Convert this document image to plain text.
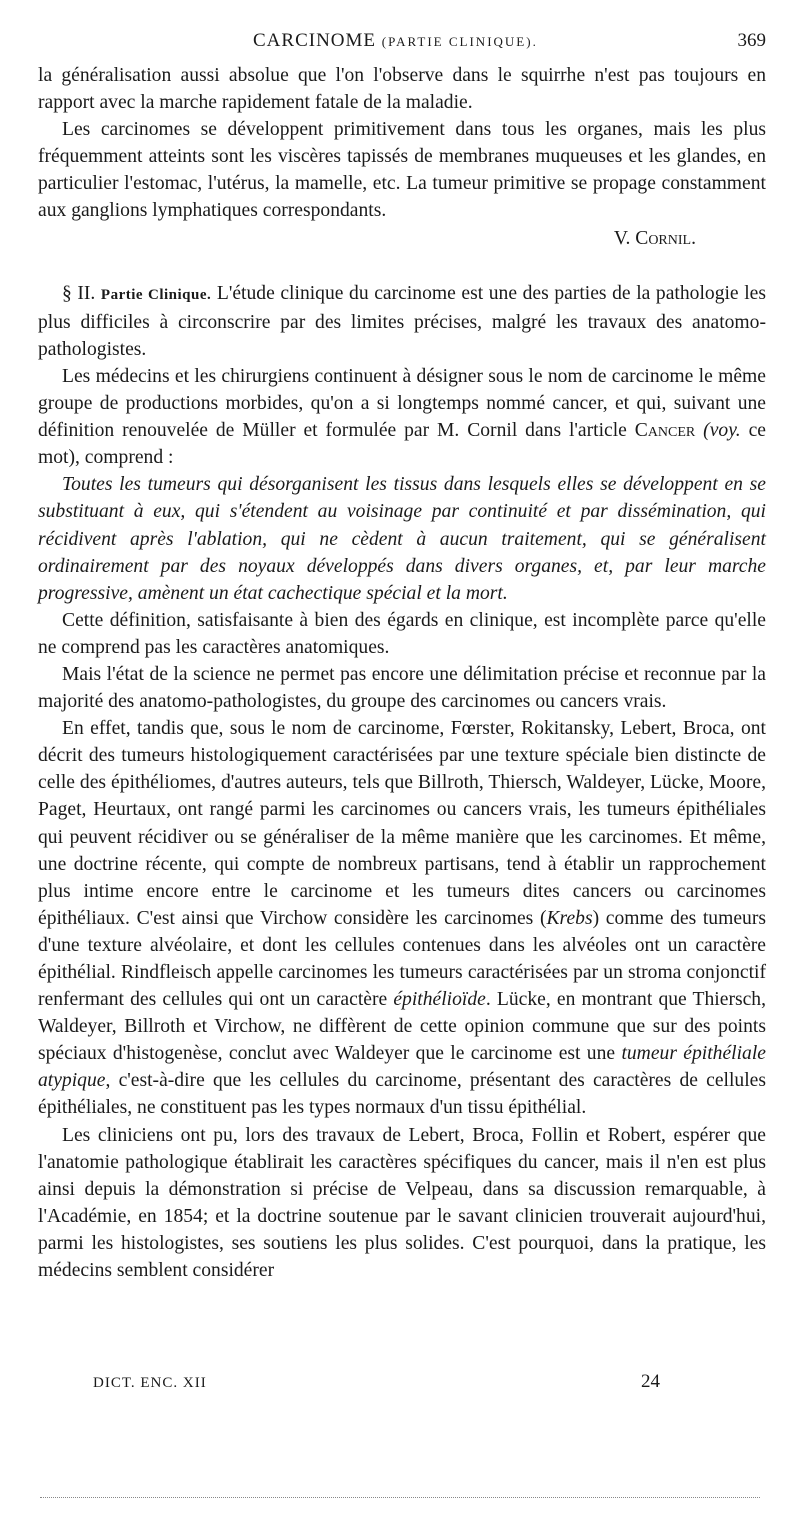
CARCINOME (PARTIE CLINIQUE).	369

la généralisation aussi absolue que l'on l'observe dans le squirrhe n'est pas toujours en rapport avec la marche rapidement fatale de la maladie.

Les carcinomes se développent primitivement dans tous les organes, mais les plus fréquemment atteints sont les viscères tapissés de membranes muqueuses et les glandes, en particulier l'estomac, l'utérus, la mamelle, etc. La tumeur primitive se propage constamment aux ganglions lymphatiques correspondants.

V. Cornil.

§ II. Partie Clinique. L'étude clinique du carcinome est une des parties de la pathologie les plus difficiles à circonscrire par des limites précises, malgré les travaux des anatomo-pathologistes.

Les médecins et les chirurgiens continuent à désigner sous le nom de carcinome le même groupe de productions morbides, qu'on a si longtemps nommé cancer, et qui, suivant une définition renouvelée de Müller et formulée par M. Cornil dans l'article Cancer (voy. ce mot), comprend :

Toutes les tumeurs qui désorganisent les tissus dans lesquels elles se développent en se substituant à eux, qui s'étendent au voisinage par continuité et par dissémination, qui récidivent après l'ablation, qui ne cèdent à aucun traitement, qui se généralisent ordinairement par des noyaux développés dans divers organes, et, par leur marche progressive, amènent un état cachectique spécial et la mort.

Cette définition, satisfaisante à bien des égards en clinique, est incomplète parce qu'elle ne comprend pas les caractères anatomiques.

Mais l'état de la science ne permet pas encore une délimitation précise et reconnue par la majorité des anatomo-pathologistes, du groupe des carcinomes ou cancers vrais.

En effet, tandis que, sous le nom de carcinome, Fœrster, Rokitansky, Lebert, Broca, ont décrit des tumeurs histologiquement caractérisées par une texture spéciale bien distincte de celle des épithéliomes, d'autres auteurs, tels que Billroth, Thiersch, Waldeyer, Lücke, Moore, Paget, Heurtaux, ont rangé parmi les carcinomes ou cancers vrais, les tumeurs épithéliales qui peuvent récidiver ou se généraliser de la même manière que les carcinomes. Et même, une doctrine récente, qui compte de nombreux partisans, tend à établir un rapprochement plus intime encore entre le carcinome et les tumeurs dites cancers ou carcinomes épithéliaux. C'est ainsi que Virchow considère les carcinomes (Krebs) comme des tumeurs d'une texture alvéolaire, et dont les cellules contenues dans les alvéoles ont un caractère épithélial. Rindfleisch appelle carcinomes les tumeurs caractérisées par un stroma conjonctif renfermant des cellules qui ont un caractère épithélioïde. Lücke, en montrant que Thiersch, Waldeyer, Billroth et Virchow, ne diffèrent de cette opinion commune que sur des points spéciaux d'histogenèse, conclut avec Waldeyer que le carcinome est une tumeur épithéliale atypique, c'est-à-dire que les cellules du carcinome, présentant des caractères de cellules épithéliales, ne constituent pas les types normaux d'un tissu épithélial.

Les cliniciens ont pu, lors des travaux de Lebert, Broca, Follin et Robert, espérer que l'anatomie pathologique établirait les caractères spécifiques du cancer, mais il n'en est plus ainsi depuis la démonstration si précise de Velpeau, dans sa discussion remarquable, à l'Académie, en 1854; et la doctrine soutenue par le savant clinicien trouverait aujourd'hui, parmi les histologistes, ses soutiens les plus solides. C'est pourquoi, dans la pratique, les médecins semblent considérer

DICT. ENC. XII	24
